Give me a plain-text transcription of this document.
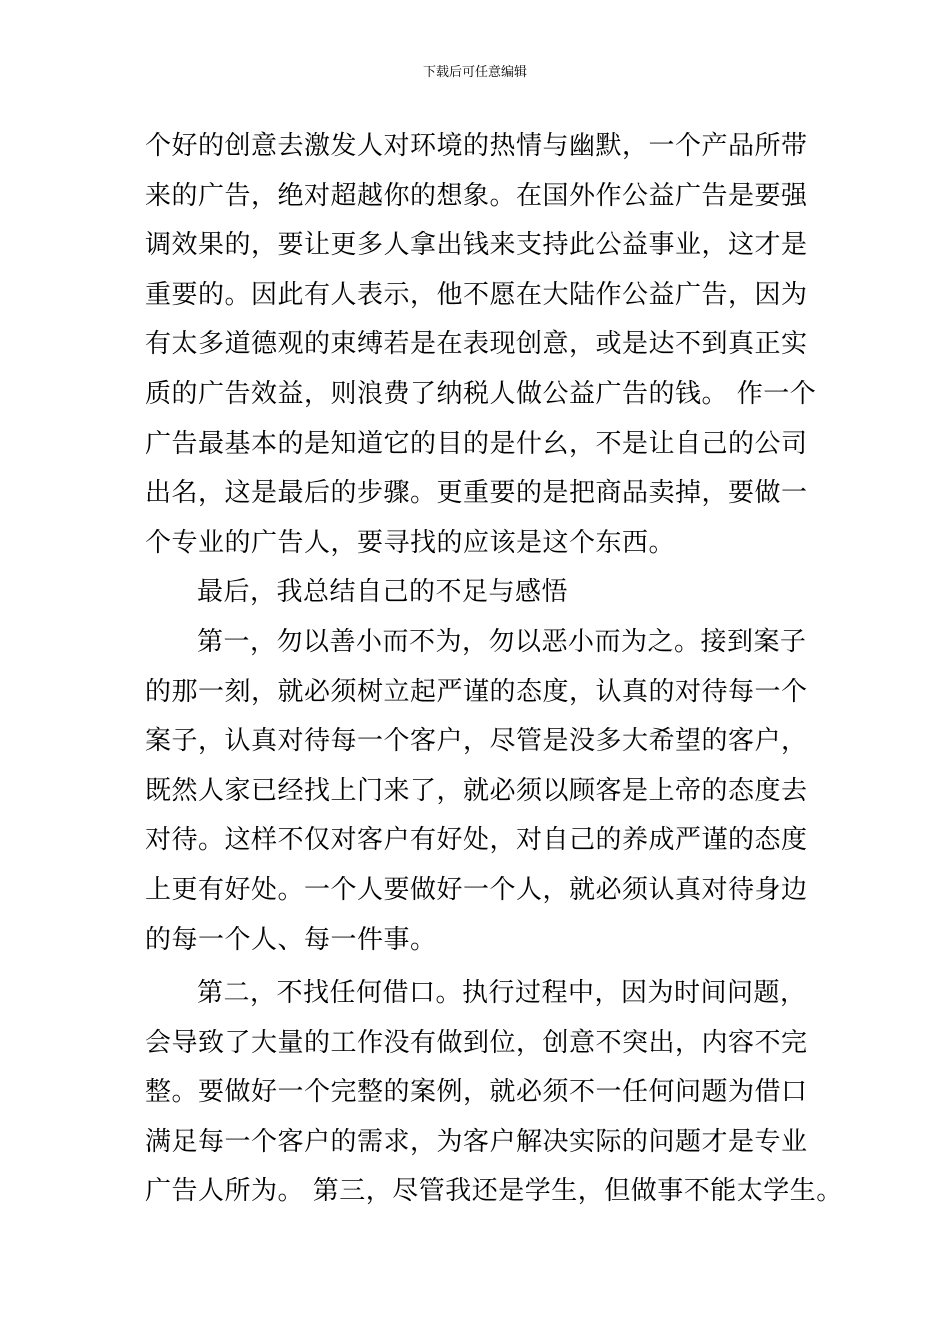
下载后可任意编辑
个好的创意去激发人对环境的热情与幽默，一个产品所带
来的广告，绝对超越你的想象。在国外作公益广告是要强
调效果的，要让更多人拿出钱来支持此公益事业，这才是
重要的。因此有人表示，他不愿在大陆作公益广告，因为
有太多道德观的束缚若是在表现创意，或是达不到真正实
质的广告效益，则浪费了纳税人做公益广告的钱。 作一个
广告最基本的是知道它的目的是什幺，不是让自己的公司
出名，这是最后的步骤。更重要的是把商品卖掉，要做一
个专业的广告人，要寻找的应该是这个东西。
最后，我总结自己的不足与感悟
第一，勿以善小而不为，勿以恶小而为之。接到案子
的那一刻，就必须树立起严谨的态度，认真的对待每一个
案子，认真对待每一个客户，尽管是没多大希望的客户，
既然人家已经找上门来了，就必须以顾客是上帝的态度去
对待。这样不仅对客户有好处，对自己的养成严谨的态度
上更有好处。一个人要做好一个人，就必须认真对待身边
的每一个人、每一件事。
第二，不找任何借口。执行过程中，因为时间问题，
会导致了大量的工作没有做到位，创意不突出，内容不完
整。要做好一个完整的案例，就必须不一任何问题为借口
满足每一个客户的需求，为客户解决实际的问题才是专业
广告人所为。 第三，尽管我还是学生，但做事不能太学生。
